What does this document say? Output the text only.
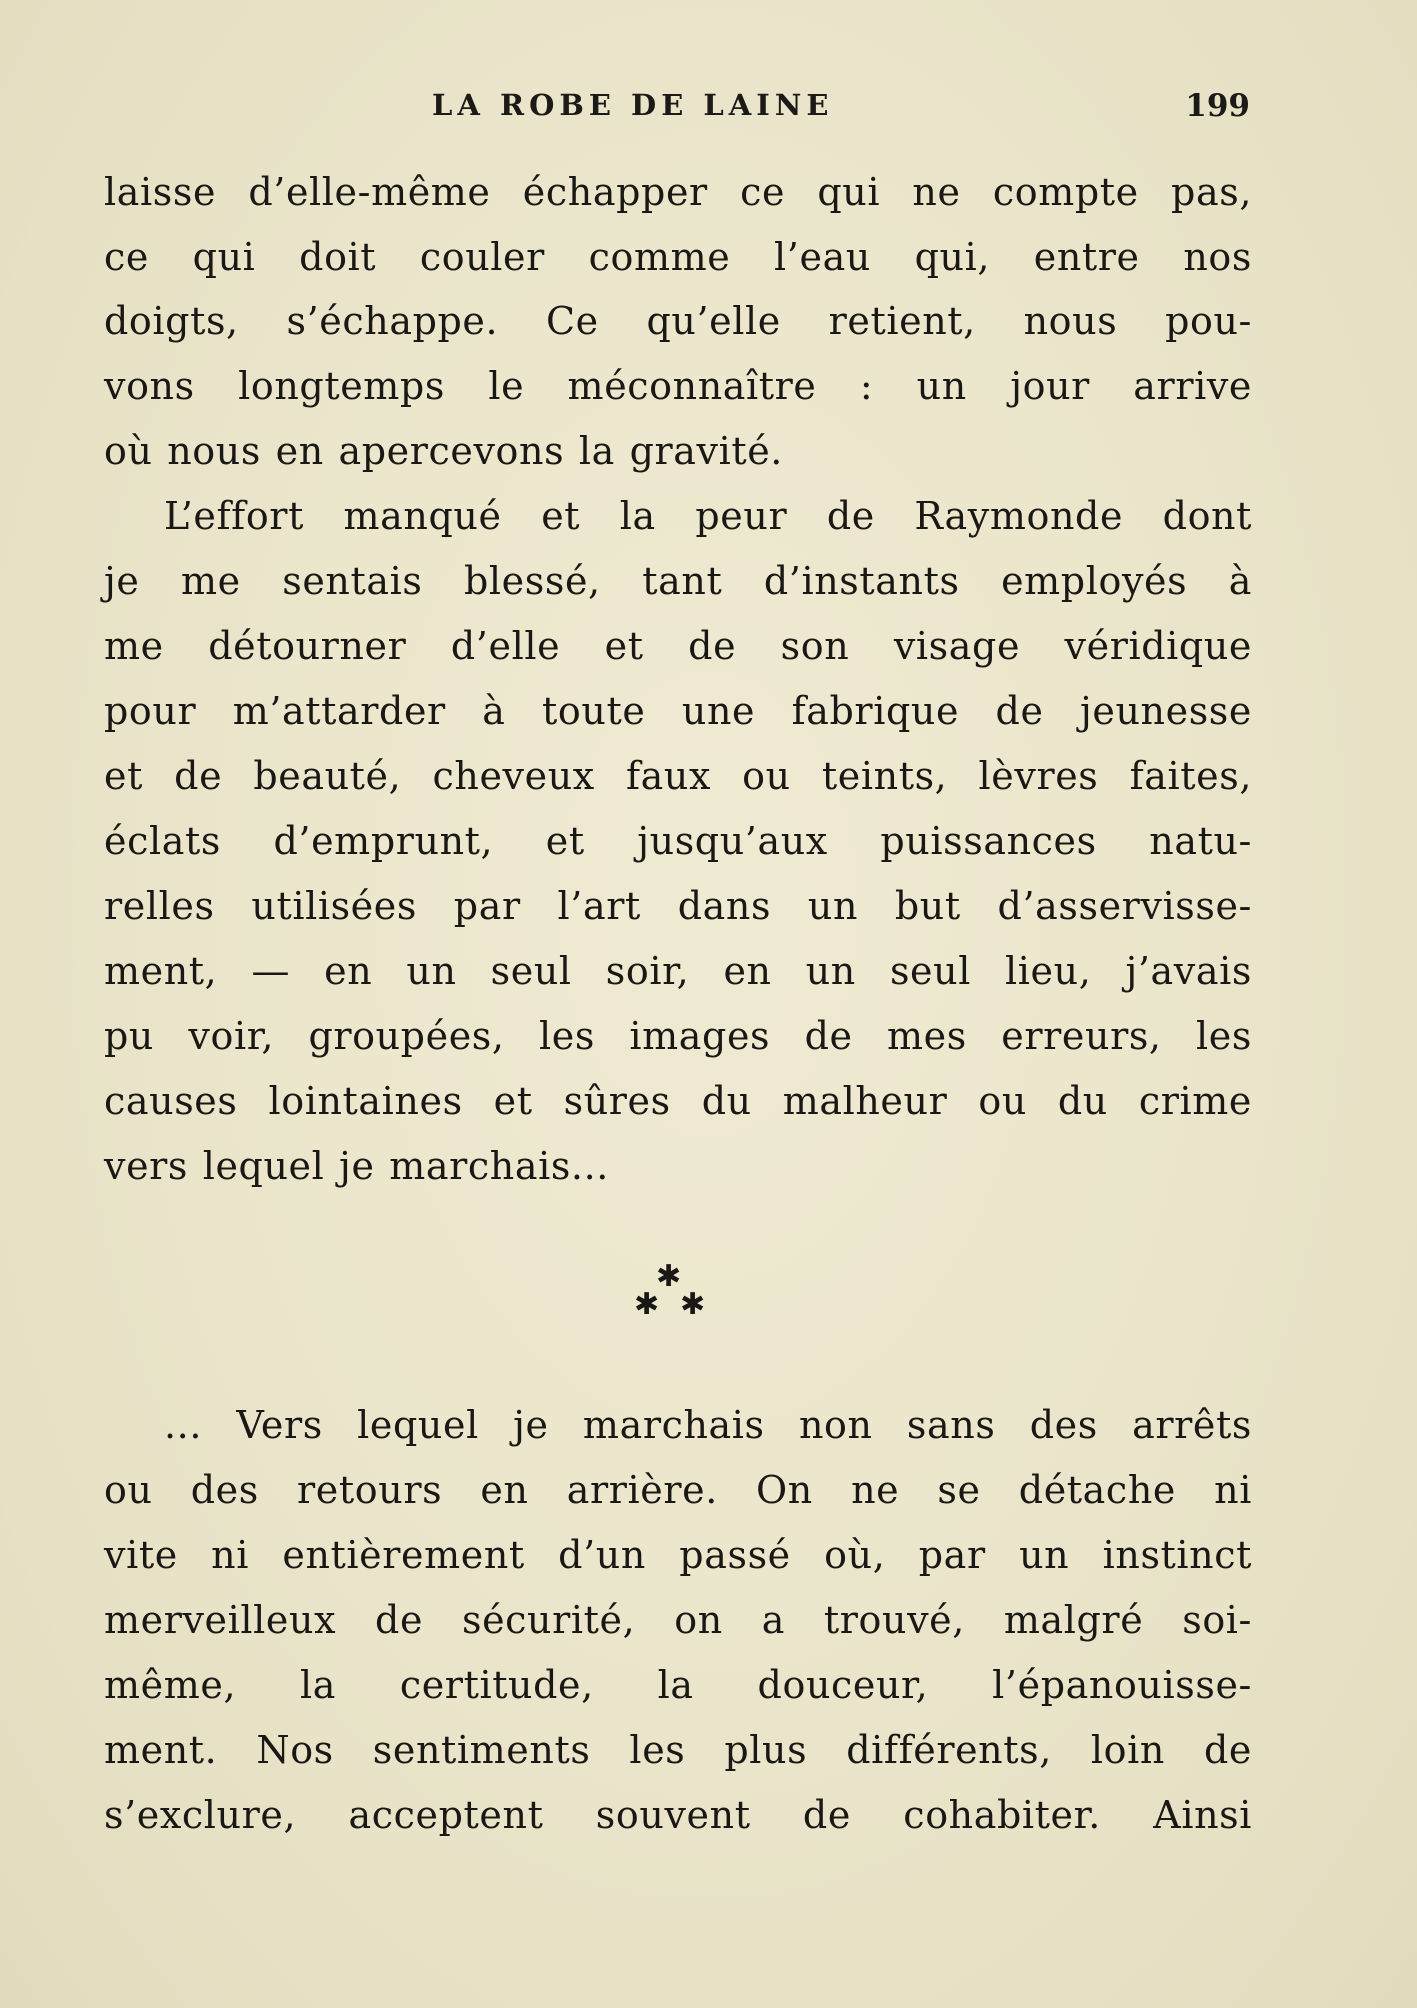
LA ROBE DE LAINE	199
laisse d’elle-même échapper ce qui ne compte pas,
ce qui doit couler comme l’eau qui, entre nos
doigts, s’échappe. Ce qu’elle retient, nous pou-
vons longtemps le méconnaître : un jour arrive
où nous en apercevons la gravité.
L’effort manqué et la peur de Raymonde dont
je me sentais blessé, tant d’instants employés à
me détourner d’elle et de son visage véridique
pour m’attarder à toute une fabrique de jeunesse
et de beauté, cheveux faux ou teints, lèvres faites,
éclats d’emprunt, et jusqu’aux puissances natu-
relles utilisées par l’art dans un but d’asservisse-
ment, — en un seul soir, en un seul lieu, j’avais
pu voir, groupées, les images de mes erreurs, les
causes lointaines et sûres du malheur ou du crime
vers lequel je marchais...
✱
✱ ✱
... Vers lequel je marchais non sans des arrêts
ou des retours en arrière. On ne se détache ni
vite ni entièrement d’un passé où, par un instinct
merveilleux de sécurité, on a trouvé, malgré soi-
même, la certitude, la douceur, l’épanouisse-
ment. Nos sentiments les plus différents, loin de
s’exclure, acceptent souvent de cohabiter. Ainsi
